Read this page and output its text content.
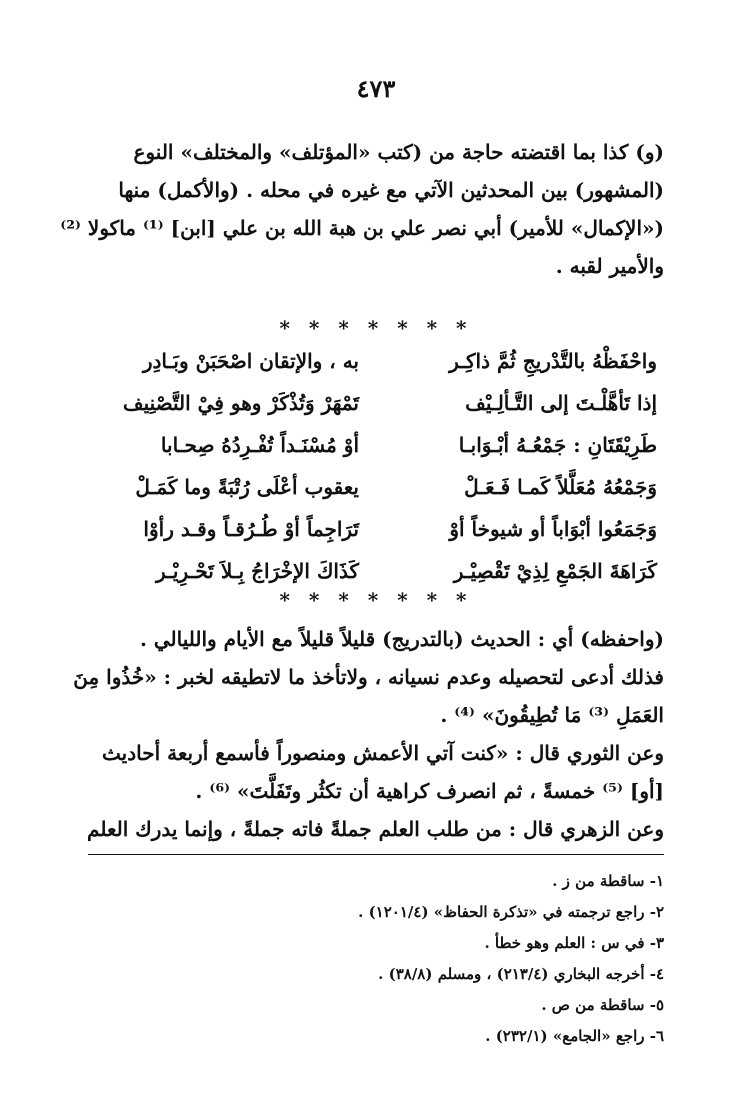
٤٧٣
(و) كذا بما اقتضته حاجة من (كتب «المؤتلف» والمختلف» النوع
(المشهور) بين المحدثين الآتي مع غيره في محله . (والأكمل) منها
(«الإكمال» للأمير) أبي نصر علي بن هبة الله بن علي [ابن] ⁽¹⁾ ماكولا ⁽²⁾
والأمير لقبه .
* * * * * * *
واحْفَظْهُ بالتَّدْريجِ ثُمَّ ذاكِـر
به ، والإتقان اصْحَبَنْ وبَـادِر
إذا تَأهَّلْـتَ إلى التَّـألِـيْف
تَمْهَرْ وَتُذْكَرْ وهو فِيْ التَّصْنِيف
طَرِيْقَتَانِ : جَمْعُـهُ أبْـوَابـا
أوْ مُسْنَـداً تُفْـرِدُهُ صِحـابا
وَجَمْعُهُ مُعَلَّلاً كَمـا فَـعَـلْ
يعقوب أعْلَى رُتْبَةً وما كَمَـلْ
وَجَمَعُوا أبْوَاباً أو شيوخاً أوْ
تَرَاجِماً أوْ طُـرُقـاً وقـد رأوْا
كَرَاهَةَ الجَمْعِ لِذِيْ تَقْصِيْـر
كَذَاكَ الإخْرَاجُ بِـلاَ تَحْـرِيْـر
* * * * * * *
(واحفظه) أي : الحديث (بالتدريج) قليلاً قليلاً مع الأيام والليالي .
فذلك أدعى لتحصيله وعدم نسيانه ، ولاتأخذ ما لاتطيقه لخبر : «خُذُوا مِنَ
العَمَلِ ⁽³⁾ مَا تُطِيقُونَ» ⁽⁴⁾ .
وعن الثوري قال : «كنت آتي الأعمش ومنصوراً فأسمع أربعة أحاديث
[أو] ⁽⁵⁾ خمسةً ، ثم انصرف كراهية أن تكثُر وتَفَلَّتَ» ⁽⁶⁾ .
وعن الزهري قال : من طلب العلم جملةً فاته جملةً ، وإنما يدرك العلم
١- ساقطة من ز .
٢- راجع ترجمته في «تذكرة الحفاظ» (١٢٠١/٤) .
٣- في س : العلم وهو خطأ .
٤- أخرجه البخاري (٢١٣/٤) ، ومسلم (٣٨/٨) .
٥- ساقطة من ص .
٦- راجع «الجامع» (٢٣٢/١) .
